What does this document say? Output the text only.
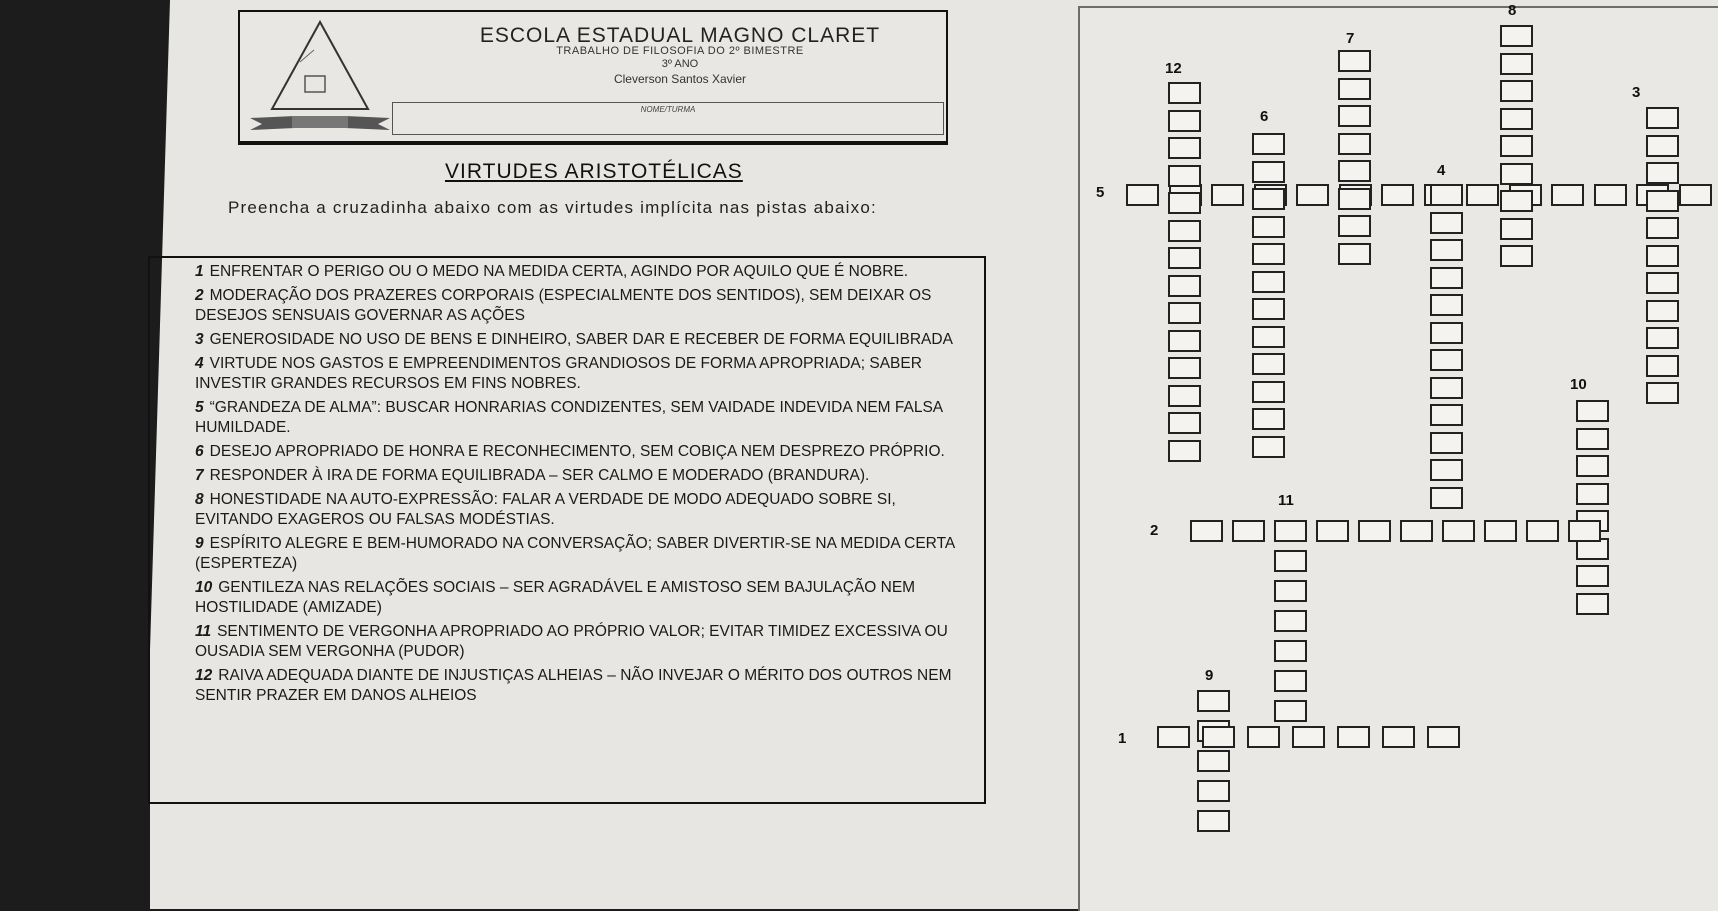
ESCOLA ESTADUAL MAGNO CLARET
TRABALHO DE FILOSOFIA DO 2º BIMESTRE
3º ANO
Cleverson Santos Xavier
NOME/TURMA
VIRTUDES ARISTOTÉLICAS
Preencha a cruzadinha abaixo com as virtudes implícita nas pistas abaixo:
1 ENFRENTAR O PERIGO OU O MEDO NA MEDIDA CERTA, AGINDO POR AQUILO QUE É NOBRE.
2 MODERAÇÃO DOS PRAZERES CORPORAIS (ESPECIALMENTE DOS SENTIDOS), SEM DEIXAR OS DESEJOS SENSUAIS GOVERNAR AS AÇÕES
3 GENEROSIDADE NO USO DE BENS E DINHEIRO, SABER DAR E RECEBER DE FORMA EQUILIBRADA
4 VIRTUDE NOS GASTOS E EMPREENDIMENTOS GRANDIOSOS DE FORMA APROPRIADA; SABER INVESTIR GRANDES RECURSOS EM FINS NOBRES.
5 “GRANDEZA DE ALMA”: BUSCAR HONRARIAS CONDIZENTES, SEM VAIDADE INDEVIDA NEM FALSA HUMILDADE.
6 DESEJO APROPRIADO DE HONRA E RECONHECIMENTO, SEM COBIÇA NEM DESPREZO PRÓPRIO.
7 RESPONDER À IRA DE FORMA EQUILIBRADA – SER CALMO E MODERADO (BRANDURA).
8 HONESTIDADE NA AUTO-EXPRESSÃO: FALAR A VERDADE DE MODO ADEQUADO SOBRE SI, EVITANDO EXAGEROS OU FALSAS MODÉSTIAS.
9 ESPÍRITO ALEGRE E BEM-HUMORADO NA CONVERSAÇÃO; SABER DIVERTIR-SE NA MEDIDA CERTA (ESPERTEZA)
10 GENTILEZA NAS RELAÇÕES SOCIAIS – SER AGRADÁVEL E AMISTOSO SEM BAJULAÇÃO NEM HOSTILIDADE (AMIZADE)
11 SENTIMENTO DE VERGONHA APROPRIADO AO PRÓPRIO VALOR; EVITAR TIMIDEZ EXCESSIVA OU OUSADIA SEM VERGONHA (PUDOR)
12 RAIVA ADEQUADA DIANTE DE INJUSTIÇAS ALHEIAS – NÃO INVEJAR O MÉRITO DOS OUTROS NEM SENTIR PRAZER EM DANOS ALHEIOS
5
12
6
7
8
3
4
10
2
11
9
1
